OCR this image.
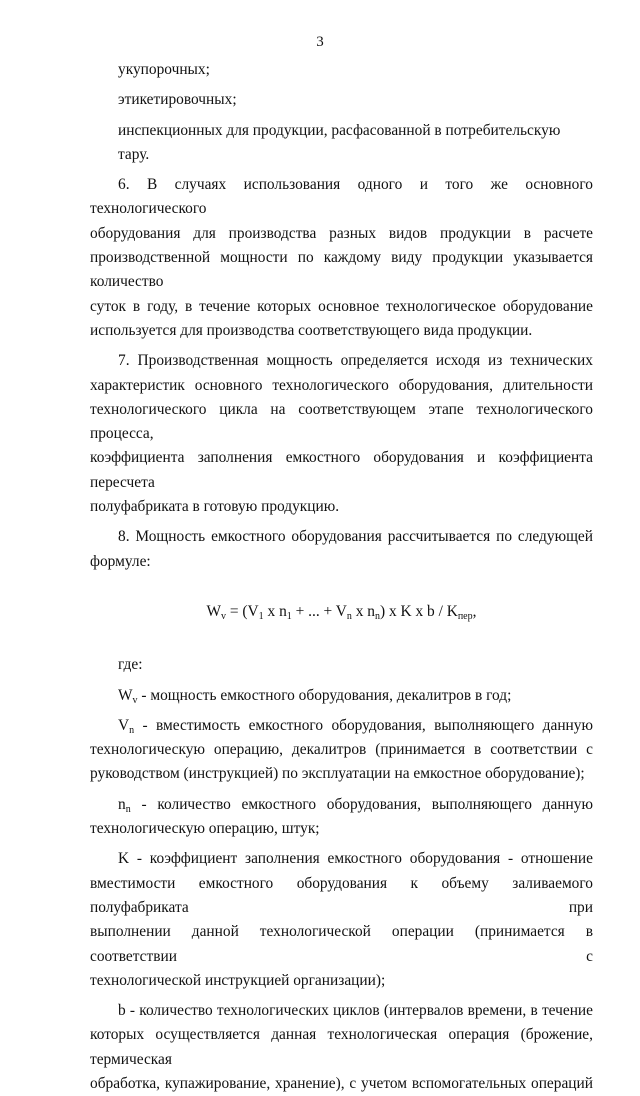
3

укупорочных;

этикетировочных;

инспекционных для продукции, расфасованной в потребительскую тару.

6. В случаях использования одного и того же основного технологического

оборудования для производства разных видов продукции в расчете

производственной мощности по каждому виду продукции указывается количество

суток в году, в течение которых основное технологическое оборудование

используется для производства соответствующего вида продукции.

7. Производственная мощность определяется исходя из технических

характеристик основного технологического оборудования, длительности

технологического цикла на соответствующем этапе технологического процесса,

коэффициента заполнения емкостного оборудования и коэффициента пересчета

полуфабриката в готовую продукцию.

8. Мощность емкостного оборудования рассчитывается по следующей

формуле:

$W_v = (V_1$ x $n_1$ + ... + $V_n$ x $n_n$) x K x b / $K_{пер}$,

где:

$W_v$ - мощность емкостного оборудования, декалитров в год;

$V_n$ - вместимость емкостного оборудования, выполняющего данную

технологическую операцию, декалитров (принимается в соответствии с

руководством (инструкцией) по эксплуатации на емкостное оборудование);

$n_n$ - количество емкостного оборудования, выполняющего данную

технологическую операцию, штук;

K - коэффициент заполнения емкостного оборудования - отношение

вместимости емкостного оборудования к объему заливаемого полуфабриката при

выполнении данной технологической операции (принимается в соответствии с

технологической инструкцией организации);

b - количество технологических циклов (интервалов времени, в течение

которых осуществляется данная технологическая операция (брожение, термическая

обработка, купажирование, хранение), с учетом вспомогательных операций
